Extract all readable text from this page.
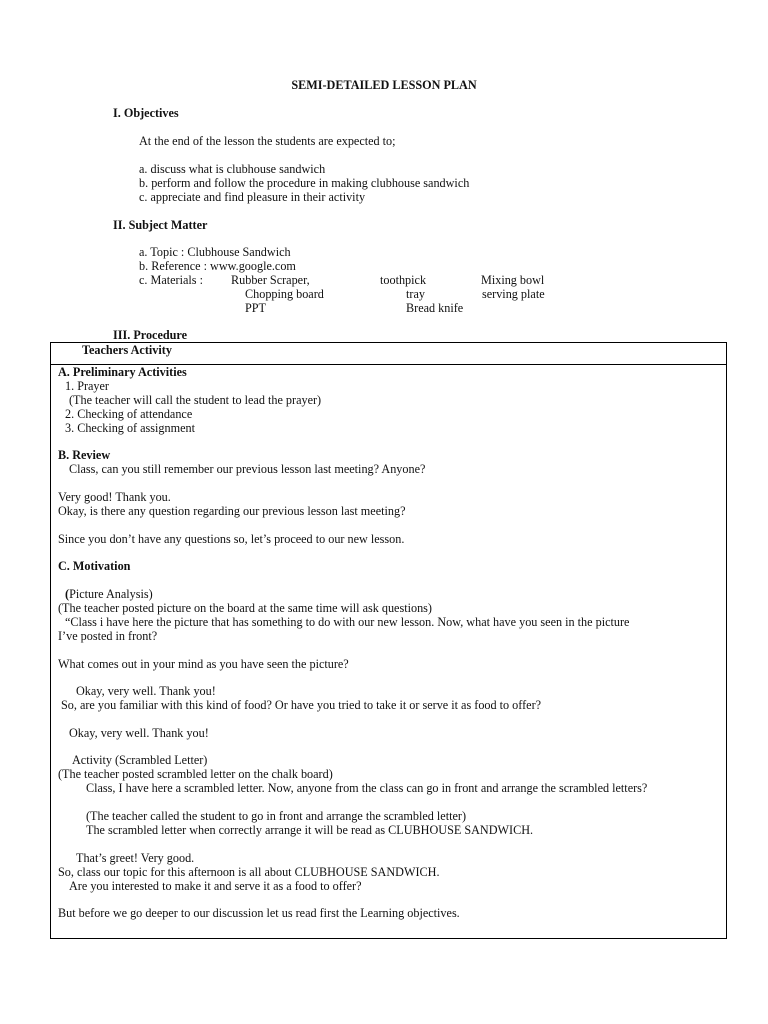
SEMI-DETAILED LESSON PLAN
I. Objectives
At the end of the lesson the students are expected to;
a. discuss what is clubhouse sandwich
b. perform and follow the procedure in making clubhouse sandwich
c. appreciate and find pleasure in their activity
II. Subject Matter
a. Topic : Clubhouse Sandwich
b. Reference : www.google.com
c. Materials : Rubber Scraper,	toothpick	Mixing bowl
Chopping board	tray	serving plate
PPT	Bread knife
III. Procedure
Teachers Activity
A. Preliminary Activities
1. Prayer
(The teacher will call the student to lead the prayer)
2. Checking of attendance
3. Checking of assignment
B. Review
Class, can you still remember our previous lesson last meeting? Anyone?
Very good! Thank you.
Okay, is there any question regarding our previous lesson last meeting?
Since you don’t have any questions so, let’s proceed to our new lesson.
C. Motivation
(Picture Analysis)
(The teacher posted picture on the board at the same time will ask questions)
“Class i have here the picture that has something to do with our new lesson. Now, what have you seen in the picture
I’ve posted in front?
What comes out in your mind as you have seen the picture?
Okay, very well. Thank you!
So, are you familiar with this kind of food? Or have you tried to take it or serve it as food to offer?
Okay, very well. Thank you!
Activity (Scrambled Letter)
(The teacher posted scrambled letter on the chalk board)
Class, I have here a scrambled letter. Now, anyone from the class can go in front and arrange the scrambled letters?
(The teacher called the student to go in front and arrange the scrambled letter)
The scrambled letter when correctly arrange it will be read as CLUBHOUSE SANDWICH.
That’s greet! Very good.
So, class our topic for this afternoon is all about CLUBHOUSE SANDWICH.
Are you interested to make it and serve it as a food to offer?
But before we go deeper to our discussion let us read first the Learning objectives.
